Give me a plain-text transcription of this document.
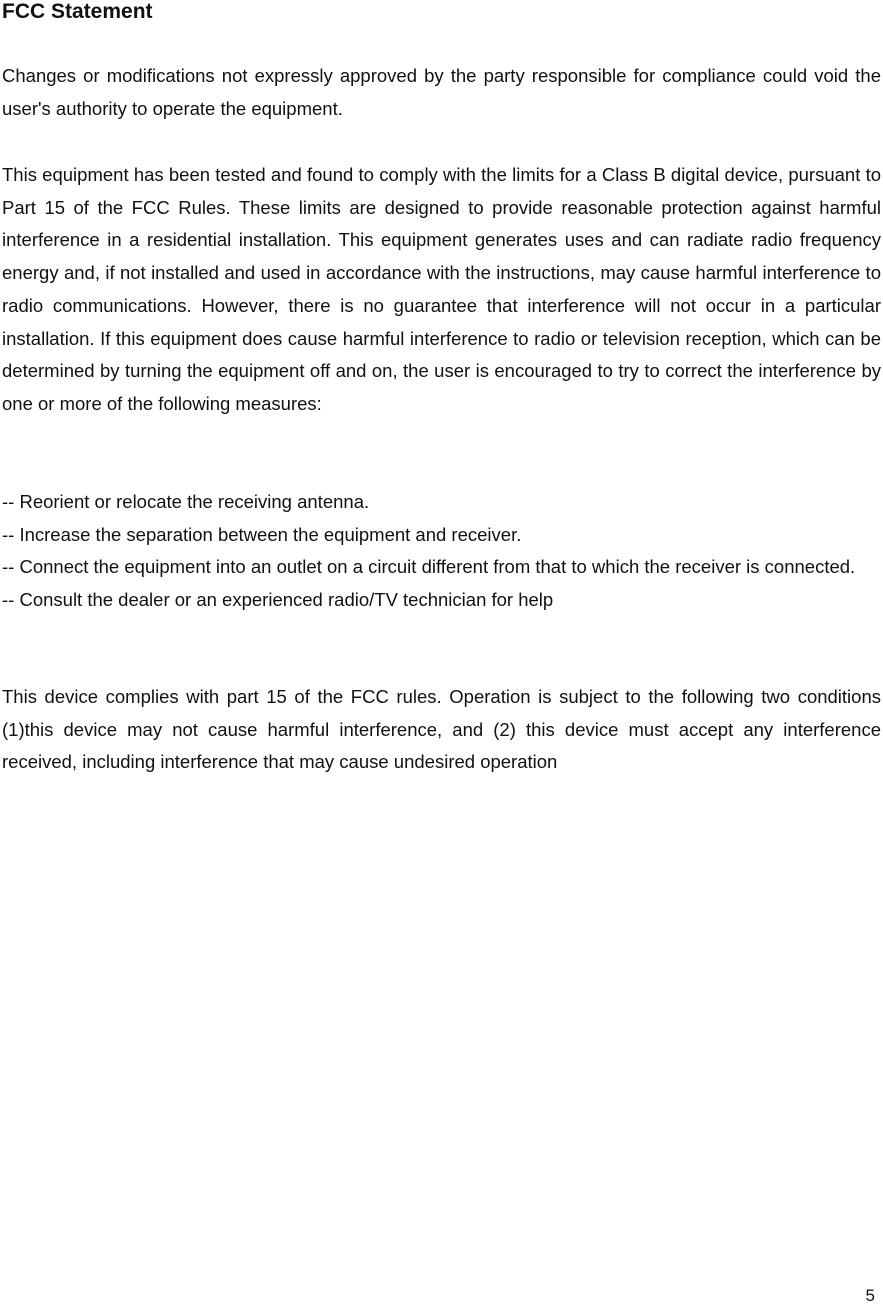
FCC Statement

Changes or modifications not expressly approved by the party responsible for compliance could void the user's authority to operate the equipment.

This equipment has been tested and found to comply with the limits for a Class B digital device, pursuant to Part 15 of the FCC Rules. These limits are designed to provide reasonable protection against harmful interference in a residential installation. This equipment generates uses and can radiate radio frequency energy and, if not installed and used in accordance with the instructions, may cause harmful interference to radio communications. However, there is no guarantee that interference will not occur in a particular installation. If this equipment does cause harmful interference to radio or television reception, which can be determined by turning the equipment off and on, the user is encouraged to try to correct the interference by one or more of the following measures:

-- Reorient or relocate the receiving antenna.
-- Increase the separation between the equipment and receiver.
-- Connect the equipment into an outlet on a circuit different from that to which the receiver is connected.
-- Consult the dealer or an experienced radio/TV technician for help

This device complies with part 15 of the FCC rules. Operation is subject to the following two conditions (1)this device may not cause harmful interference, and (2) this device must accept any interference received, including interference that may cause undesired operation

5
